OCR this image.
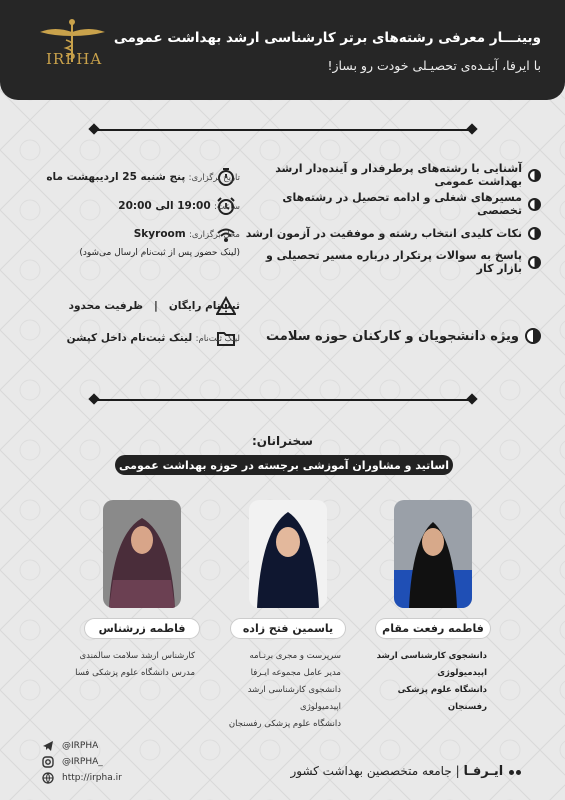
IRPHA
وبینـــار معرفی رشته‌های برتر کارشناسی ارشد بهداشت عمومی
با ایرفا، آینـده‌ی تحصیـلی خودت رو بساز!
آشنایی با رشته‌های پرطرفدار و آینده‌دار ارشد بهداشت عمومی
مسیرهای شغلی و ادامه تحصیل در رشته‌های تخصصی
نکات کلیدی انتخاب رشته و موفقیت در آزمون ارشد
پاسخ به سوالات پرتکرار درباره مسیر تحصیلی و بازار کار
ویژه دانشجویان و کارکنان حوزه سلامت
تاریخ برگزاری: پنج شنبه 25 اردیبهشت ماه
ساعت: 19:00 الی 20:00
محل برگزاری: Skyroom
(لینک حضور پس از ثبت‌نام ارسال می‌شود)
ثبت‌نام رایگان   |   ظرفیت محدود
لینک ثبت‌نام: لینک ثبت‌نام داخل کپشن
سخنرانان:
اساتید و مشاوران آموزشی برجسته در حوزه بهداشت عمومی
فاطمه رفعت مقام
یاسمین فتح زاده
فاطمه زرشناس
دانشجوی کارشناسی ارشد اپیدمیولوژی
دانشگاه علوم پزشکی رفسنجان
سرپرست و مجری برنـامه
مدیر عامل مجموعه ایـرفا
دانشجوی کارشناسی ارشد اپیدمیولوژی
دانشگاه علوم پزشکی رفسنجان
کارشناس ارشد سلامت سالمندی
مدرس دانشگاه علوم پزشکی فسا
@IRPHA
@IRPHA_
http://irpha.ir	ایـرفـا | جامعه متخصصین بهداشت کشور
